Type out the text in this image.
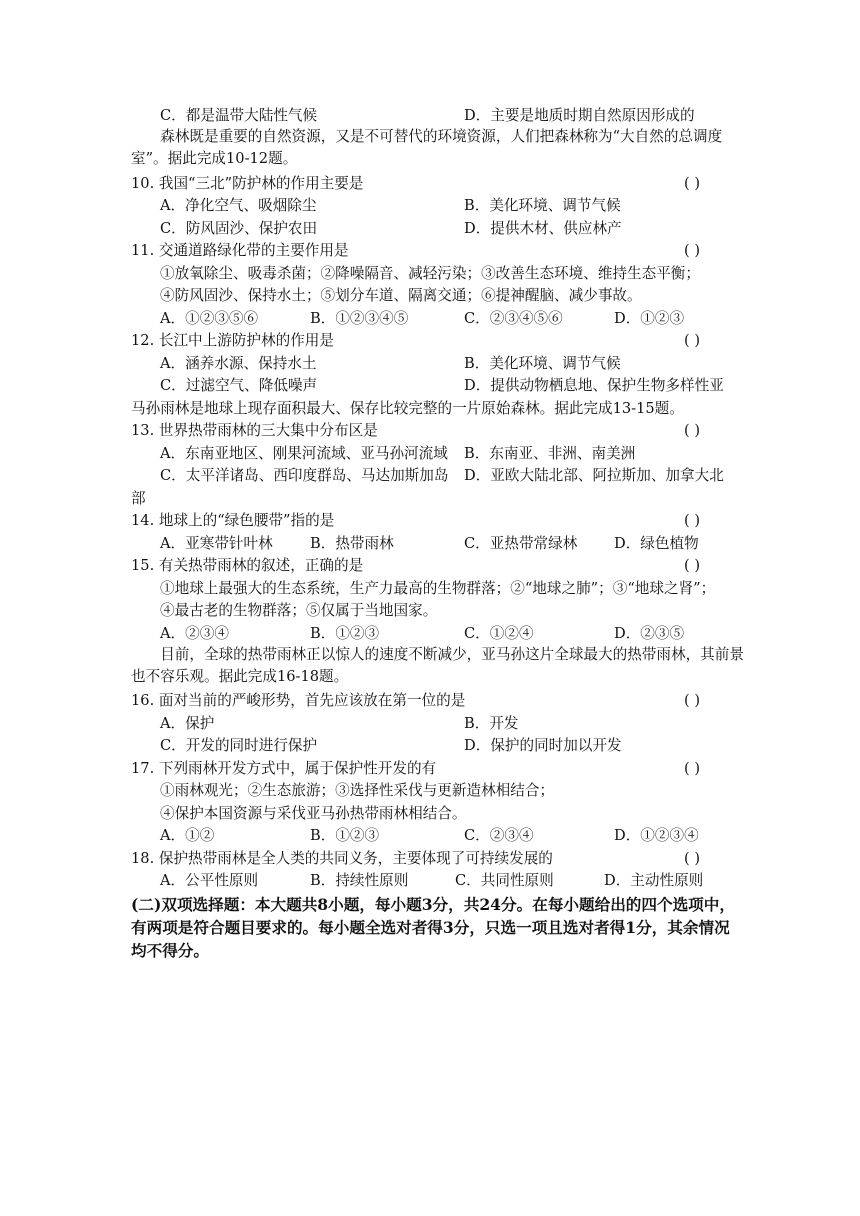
C．都是温带大陆性气候	D．主要是地质时期自然原因形成的
森林既是重要的自然资源，又是不可替代的环境资源，人们把森林称为“大自然的总调度室”。据此完成10-12题。
10. 我国“三北”防护林的作用主要是	( )
A．净化空气、吸烟除尘	B．美化环境、调节气候
C．防风固沙、保护农田	D．提供木材、供应林产
11. 交通道路绿化带的主要作用是	( )
①放氧除尘、吸毒杀菌；②降噪隔音、减轻污染；③改善生态环境、维持生态平衡；
④防风固沙、保持水土；⑤划分车道、隔离交通；⑥提神醒脑、减少事故。
A．①②③⑤⑥	B．①②③④⑤	C．②③④⑤⑥	D．①②③
12. 长江中上游防护林的作用是	( )
A．涵养水源、保持水土	B．美化环境、调节气候
C．过滤空气、降低噪声	D．提供动物栖息地、保护生物多样性亚
马孙雨林是地球上现存面积最大、保存比较完整的一片原始森林。据此完成13-15题。
13. 世界热带雨林的三大集中分布区是	( )
A．东南亚地区、刚果河流域、亚马孙河流域 B．东南亚、非洲、南美洲
C．太平洋诸岛、西印度群岛、马达加斯加岛 D．亚欧大陆北部、阿拉斯加、加拿大北
部
14. 地球上的“绿色腰带”指的是	( )
A．亚寒带针叶林	B．热带雨林	C．亚热带常绿林	D．绿色植物
15. 有关热带雨林的叙述，正确的是	( )
①地球上最强大的生态系统，生产力最高的生物群落；②“地球之肺”；③“地球之肾”；
④最古老的生物群落；⑤仅属于当地国家。
A．②③④	B．①②③	C．①②④	D．②③⑤
目前，全球的热带雨林正以惊人的速度不断减少，亚马孙这片全球最大的热带雨林，其前景也不容乐观。据此完成16-18题。
16. 面对当前的严峻形势，首先应该放在第一位的是	( )
A．保护	B．开发
C．开发的同时进行保护	D．保护的同时加以开发
17. 下列雨林开发方式中，属于保护性开发的有	( )
①雨林观光；②生态旅游；③选择性采伐与更新造林相结合；
④保护本国资源与采伐亚马孙热带雨林相结合。
A．①②	B．①②③	C．②③④	D．①②③④
18. 保护热带雨林是全人类的共同义务，主要体现了可持续发展的	( )
A．公平性原则	B．持续性原则	C．共同性原则	D．主动性原则
(二)双项选择题：本大题共8小题，每小题3分，共24分。在每小题给出的四个选项中，有两项是符合题目要求的。每小题全选对者得3分，只选一项且选对者得1分，其余情况均不得分。
